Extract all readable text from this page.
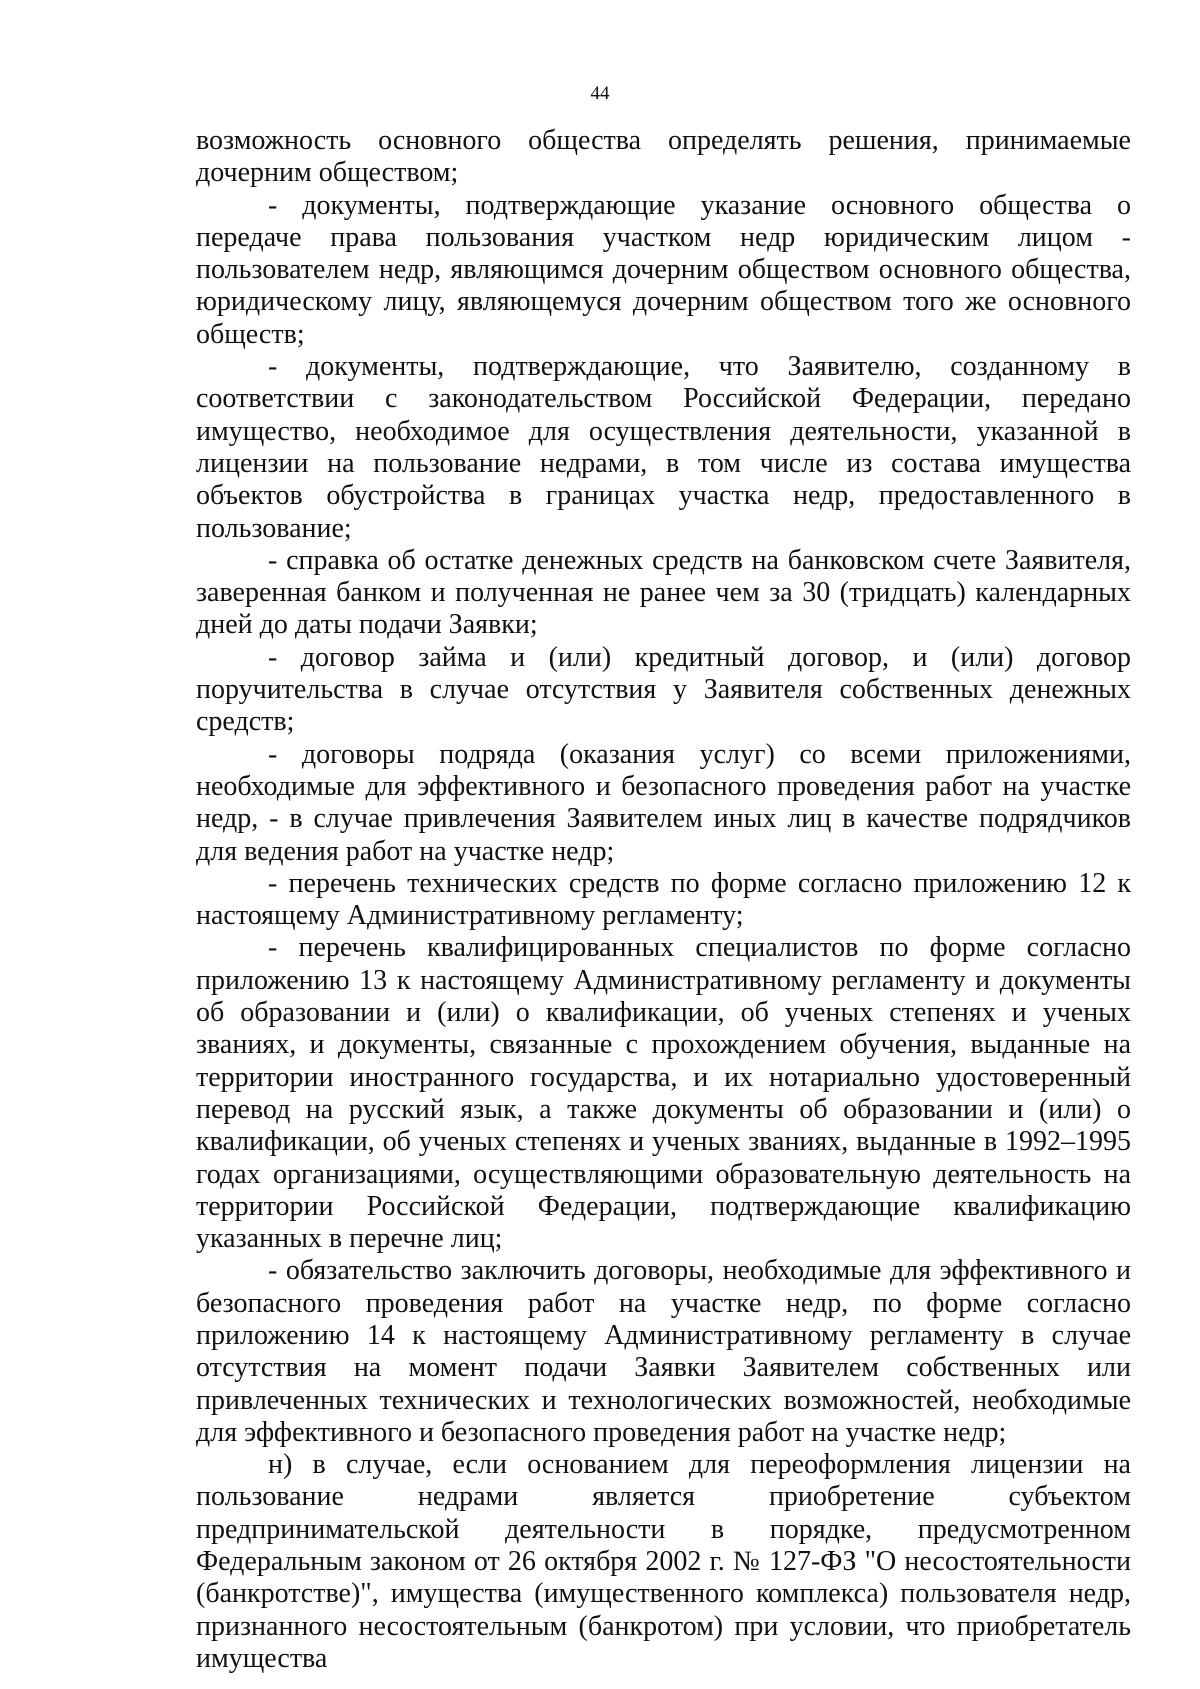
44

возможность основного общества определять решения, принимаемые дочерним обществом;

- документы, подтверждающие указание основного общества о передаче права пользования участком недр юридическим лицом - пользователем недр, являющимся дочерним обществом основного общества, юридическому лицу, являющемуся дочерним обществом того же основного обществ;

- документы, подтверждающие, что Заявителю, созданному в соответствии с законодательством Российской Федерации, передано имущество, необходимое для осуществления деятельности, указанной в лицензии на пользование недрами, в том числе из состава имущества объектов обустройства в границах участка недр, предоставленного в пользование;

- справка об остатке денежных средств на банковском счете Заявителя, заверенная банком и полученная не ранее чем за 30 (тридцать) календарных дней до даты подачи Заявки;

- договор займа и (или) кредитный договор, и (или) договор поручительства в случае отсутствия у Заявителя собственных денежных средств;

- договоры подряда (оказания услуг) со всеми приложениями, необходимые для эффективного и безопасного проведения работ на участке недр, - в случае привлечения Заявителем иных лиц в качестве подрядчиков для ведения работ на участке недр;

- перечень технических средств по форме согласно приложению 12 к настоящему Административному регламенту;

- перечень квалифицированных специалистов по форме согласно приложению 13 к настоящему Административному регламенту и документы об образовании и (или) о квалификации, об ученых степенях и ученых званиях, и документы, связанные с прохождением обучения, выданные на территории иностранного государства, и их нотариально удостоверенный перевод на русский язык, а также документы об образовании и (или) о квалификации, об ученых степенях и ученых званиях, выданные в 1992–1995 годах организациями, осуществляющими образовательную деятельность на территории Российской Федерации, подтверждающие квалификацию указанных в перечне лиц;

- обязательство заключить договоры, необходимые для эффективного и безопасного проведения работ на участке недр, по форме согласно приложению 14 к настоящему Административному регламенту в случае отсутствия на момент подачи Заявки Заявителем собственных или привлеченных технических и технологических возможностей, необходимые для эффективного и безопасного проведения работ на участке недр;

н) в случае, если основанием для переоформления лицензии на пользование недрами является приобретение субъектом предпринимательской деятельности в порядке, предусмотренном Федеральным законом от 26 октября 2002 г. № 127-ФЗ "О несостоятельности (банкротстве)", имущества (имущественного комплекса) пользователя недр, признанного несостоятельным (банкротом) при условии, что приобретатель имущества
